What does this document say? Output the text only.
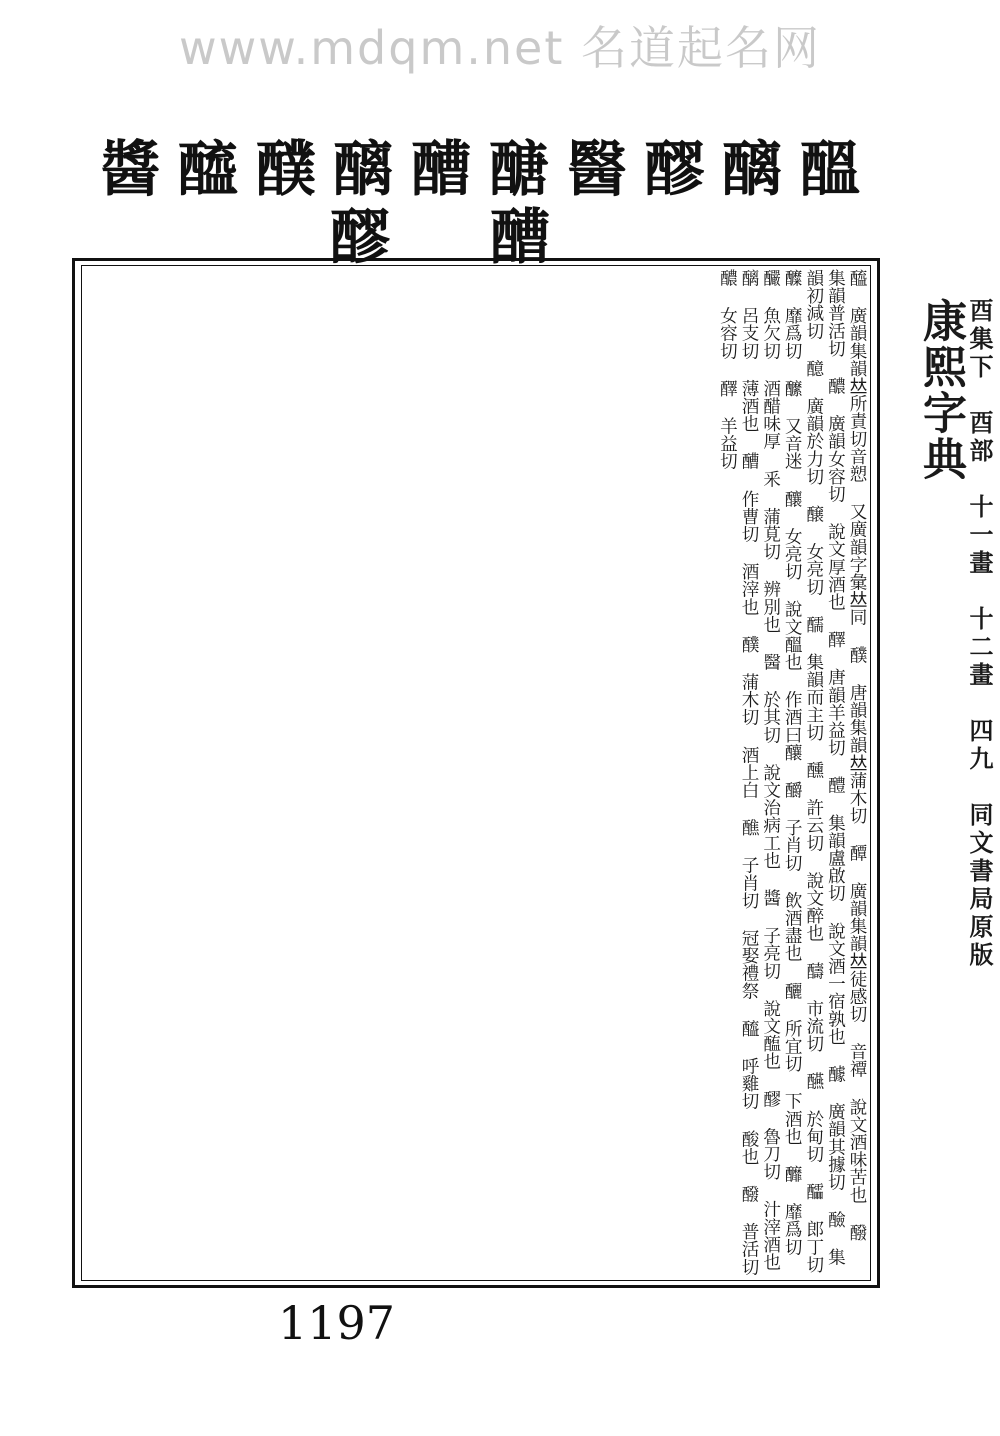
www.mdqm.net 名道起名网
醞
醨
醪
醫
醣
醩
醨
醭
醯
醬
醩
醪

醯 廣韻集韻𠀤所責切音愬 又廣韻字彙𠀤同 醭 唐韻集韻𠀤蒲木切 醰 廣韻集韻𠀤徒感切 音禫 說文酒味苦也 醱 集韻普活切 醲 廣韻女容切 說文厚酒也 醳 唐韻羊益切 醴 集韻盧啟切 說文酒一宿孰也 醵 廣韻其據切 醶 集韻初減切 醷 廣韻於力切 醸 女亮切 醹 集韻而主切 醺 許云切 說文醉也 醻 市流切 醼 於甸切 醽 郎丁切 醾 靡爲切 醿 又音迷 釀 女亮切 說文醞也 作酒曰釀 釂 子肖切 飲酒盡也 釃 所宜切 下酒也 釄 靡爲切 釅 魚欠切 酒醋味厚 釆 蒲莧切 辨別也 醫 於其切 說文治病工也 醬 子亮切 說文醢也 醪 魯刀切 汁滓酒也 醨 呂支切 薄酒也 醩 作曹切 酒滓也 醭 蒲木切 酒上白 醮 子肖切 冠娶禮祭 醯 呼雞切 酸也 醱 普活切 醲 女容切 醳 羊益切	康熙字典 酉集下　酉部　十一畫　十二畫　四九　同文書局原版
1197
